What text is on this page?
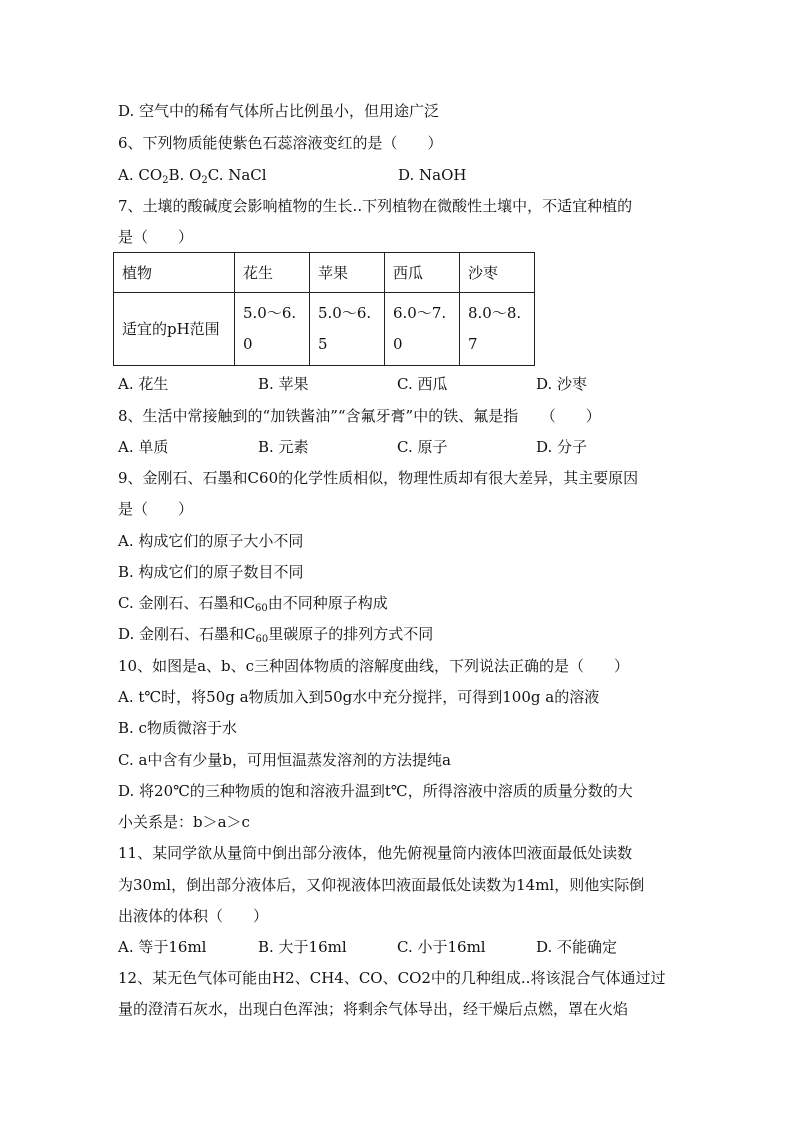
D. 空气中的稀有气体所占比例虽小，但用途广泛
6、下列物质能使紫色石蕊溶液变红的是（　　）
A. $CO_2B$. $O_2C$. NaCl	D. NaOH
7、土壤的酸碱度会影响植物的生长..下列植物在微酸性土壤中，不适宜种植的
是（　　）
植物	花生	苹果	西瓜	沙枣
适宜的pH范围	5.0～6.0	5.0～6.5	6.0～7.0	8.0～8.7
A. 花生	B. 苹果	C. 西瓜	D. 沙枣
8、生活中常接触到的“加铁酱油”“含氟牙膏”中的铁、氟是指　　（　　）
A. 单质	B. 元素	C. 原子	D. 分子
9、金刚石、石墨和C60的化学性质相似，物理性质却有很大差异，其主要原因
是（　　）
A. 构成它们的原子大小不同
B. 构成它们的原子数目不同
C. 金刚石、石墨和$C_{60}$由不同种原子构成
D. 金刚石、石墨和$C_{60}$里碳原子的排列方式不同
10、如图是a、b、c三种固体物质的溶解度曲线，下列说法正确的是（　　）
A. t℃时，将50g a物质加入到50g水中充分搅拌，可得到100g a的溶液
B. c物质微溶于水
C. a中含有少量b，可用恒温蒸发溶剂的方法提纯a
D. 将20℃的三种物质的饱和溶液升温到t℃，所得溶液中溶质的质量分数的大
小关系是：b＞a＞c
11、某同学欲从量筒中倒出部分液体，他先俯视量筒内液体凹液面最低处读数
为30ml，倒出部分液体后，又仰视液体凹液面最低处读数为14ml，则他实际倒
出液体的体积（　　）
A. 等于16ml	B. 大于16ml	C. 小于16ml	D. 不能确定
12、某无色气体可能由H2、CH4、CO、CO2中的几种组成..将该混合气体通过过
量的澄清石灰水，出现白色浑浊；将剩余气体导出，经干燥后点燃，罩在火焰
